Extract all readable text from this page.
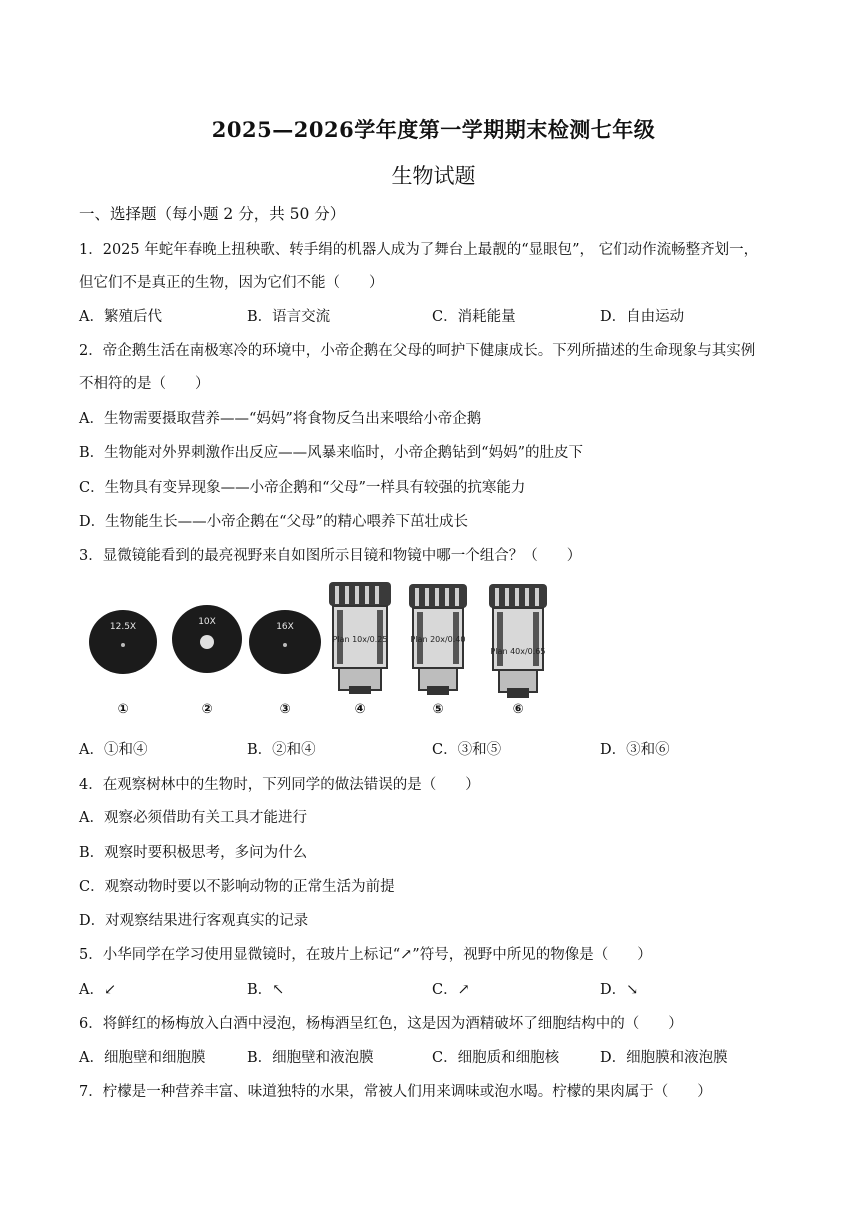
2025—2026学年度第一学期期末检测七年级
生物试题
一、选择题（每小题 2 分，共 50 分）
1．2025 年蛇年春晚上扭秧歌、转手绢的机器人成为了舞台上最靓的“显眼包”， 它们动作流畅整齐划一，
但它们不是真正的生物，因为它们不能（　　）
A．繁殖后代	B．语言交流	C．消耗能量	D．自由运动
2．帝企鹅生活在南极寒冷的环境中，小帝企鹅在父母的呵护下健康成长。下列所描述的生命现象与其实例
不相符的是（　　）
A．生物需要摄取营养——“妈妈”将食物反刍出来喂给小帝企鹅
B．生物能对外界刺激作出反应——风暴来临时，小帝企鹅钻到“妈妈”的肚皮下
C．生物具有变异现象——小帝企鹅和“父母”一样具有较强的抗寒能力
D．生物能生长——小帝企鹅在“父母”的精心喂养下茁壮成长
3．显微镜能看到的最亮视野来自如图所示目镜和物镜中哪一个组合？（　　）
12.5X	10X	16X
Plan 10x/0.25	Plan 20x/0.40
Plan 40x/0.65
①	②	③	④	⑤	⑥
A．①和④	B．②和④	C．③和⑤	D．③和⑥
4．在观察树林中的生物时，下列同学的做法错误的是（　　）
A．观察必须借助有关工具才能进行
B．观察时要积极思考，多问为什么
C．观察动物时要以不影响动物的正常生活为前提
D．对观察结果进行客观真实的记录
5．小华同学在学习使用显微镜时，在玻片上标记“↗”符号，视野中所见的物像是（　　）
A．↙	B．↖	C．↗	D．↘
6．将鲜红的杨梅放入白酒中浸泡，杨梅酒呈红色，这是因为酒精破坏了细胞结构中的（　　）
A．细胞壁和细胞膜	B．细胞壁和液泡膜	C．细胞质和细胞核	D．细胞膜和液泡膜
7．柠檬是一种营养丰富、味道独特的水果，常被人们用来调味或泡水喝。柠檬的果肉属于（　　）
